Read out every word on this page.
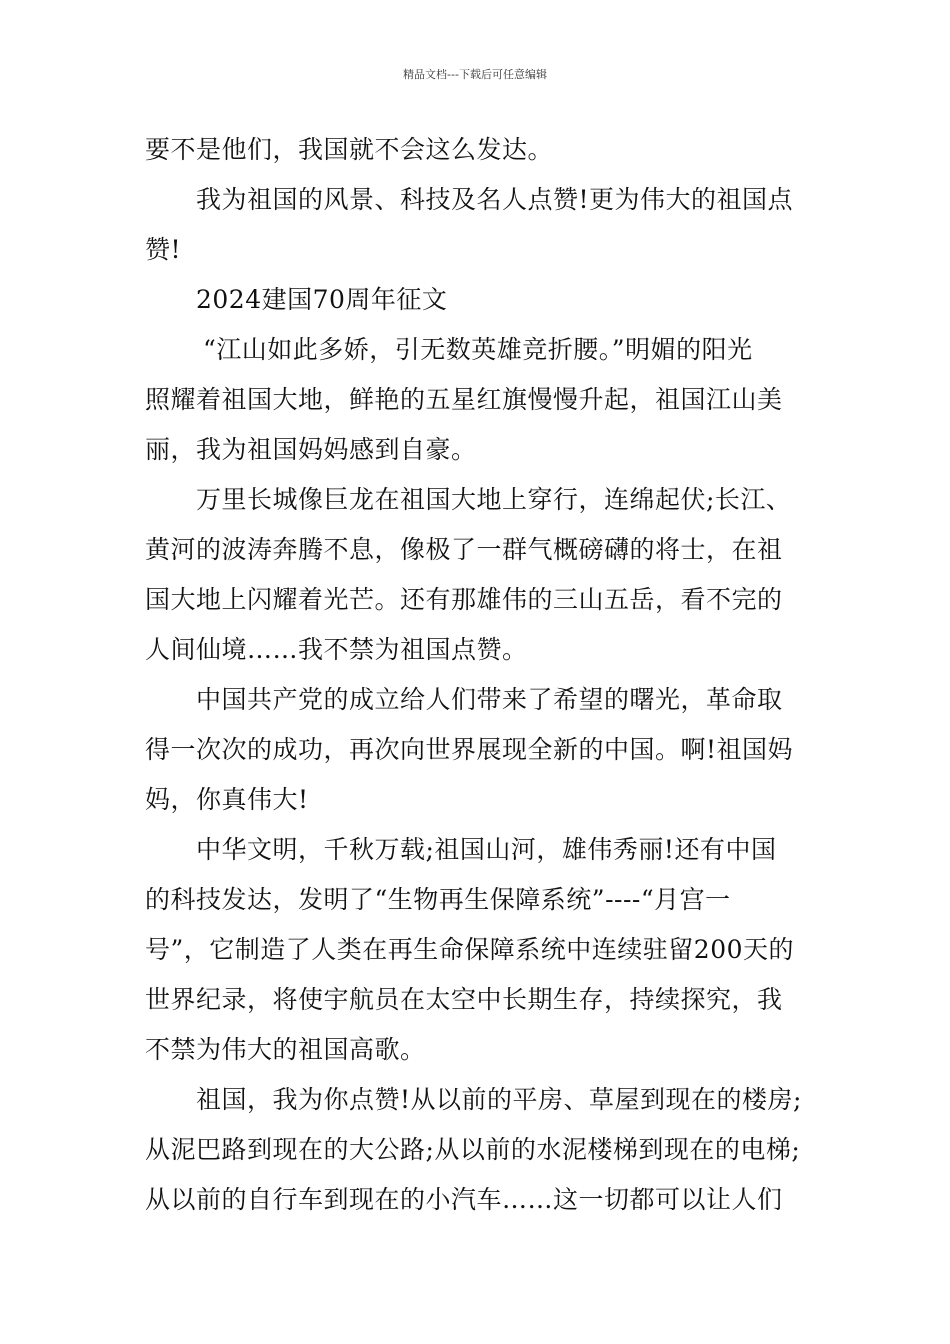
精品文档---下载后可任意编辑
要不是他们，我国就不会这么发达。
我为祖国的风景、科技及名人点赞!更为伟大的祖国点
赞!
2024建国70周年征文
“江山如此多娇，引无数英雄竞折腰。”明媚的阳光
照耀着祖国大地，鲜艳的五星红旗慢慢升起，祖国江山美
丽，我为祖国妈妈感到自豪。
万里长城像巨龙在祖国大地上穿行，连绵起伏;长江、
黄河的波涛奔腾不息，像极了一群气概磅礴的将士，在祖
国大地上闪耀着光芒。还有那雄伟的三山五岳，看不完的
人间仙境……我不禁为祖国点赞。
中国共产党的成立给人们带来了希望的曙光，革命取
得一次次的成功，再次向世界展现全新的中国。啊!祖国妈
妈，你真伟大!
中华文明，千秋万载;祖国山河，雄伟秀丽!还有中国
的科技发达，发明了“生物再生保障系统”----“月宫一
号”，它制造了人类在再生命保障系统中连续驻留200天的
世界纪录，将使宇航员在太空中长期生存，持续探究，我
不禁为伟大的祖国高歌。
祖国，我为你点赞!从以前的平房、草屋到现在的楼房;
从泥巴路到现在的大公路;从以前的水泥楼梯到现在的电梯;
从以前的自行车到现在的小汽车……这一切都可以让人们
